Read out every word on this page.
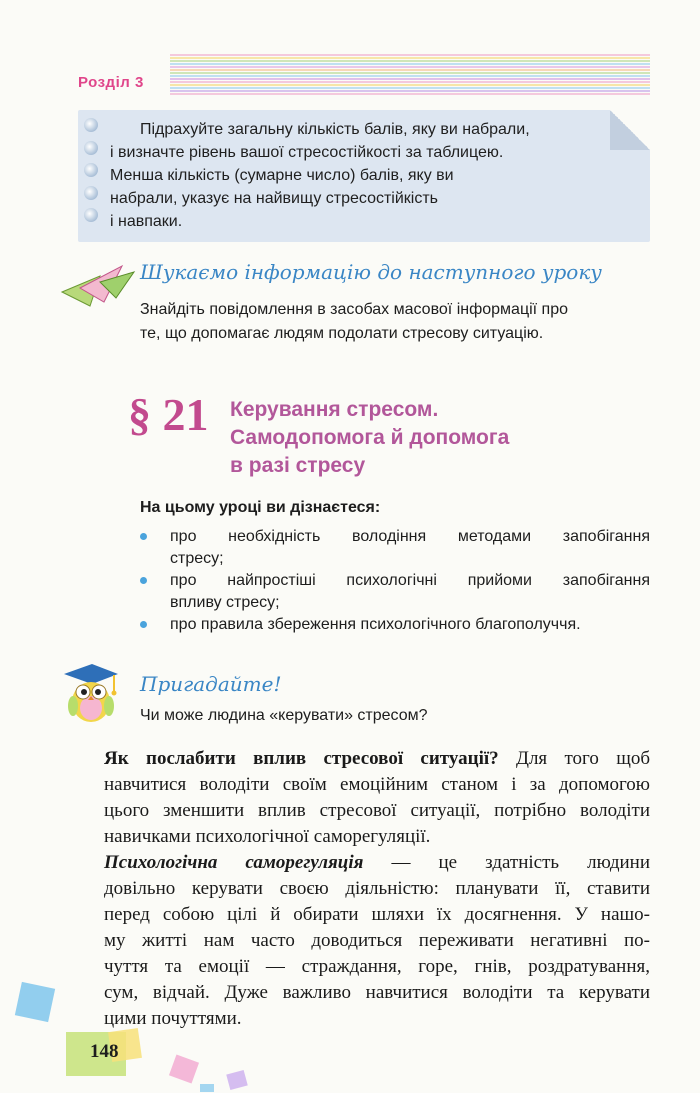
Розділ 3

Підрахуйте загальну кількість балів, яку ви набрали,

і визначте рівень вашої стресостійкості за таблицею.

Менша кількість (сумарне число) балів, яку ви

набрали, указує на найвищу стресостійкість

і навпаки.

Шукаємо інформацію до наступного уроку

Знайдіть повідомлення в засобах масової інформації про

те, що допомагає людям подолати стресову ситуацію.

§ 21 Керування стресом.

Самодопомога й допомога

в разі стресу

На цьому уроці ви дізнаєтеся:
про необхідність володіння методами запобігання
стресу;
про найпростіші психологічні прийоми запобігання
впливу стресу;
про правила збереження психологічного благополуччя.
Пригадайте!
Чи може людина «керувати» стресом?

Як послабити вплив стресової ситуації? Для того щоб

навчитися володіти своїм емоційним станом і за допомогою

цього зменшити вплив стресової ситуації, потрібно володіти

навичками психологічної саморегуляції.

Психологічна саморегуляція — це здатність людини

довільно керувати своєю діяльністю: планувати її, ставити

перед собою цілі й обирати шляхи їх досягнення. У нашо-

му житті нам часто доводиться переживати негативні по-

чуття та емоції — страждання, горе, гнів, роздратування,

сум, відчай. Дуже важливо навчитися володіти та керувати

цими почуттями.

148
